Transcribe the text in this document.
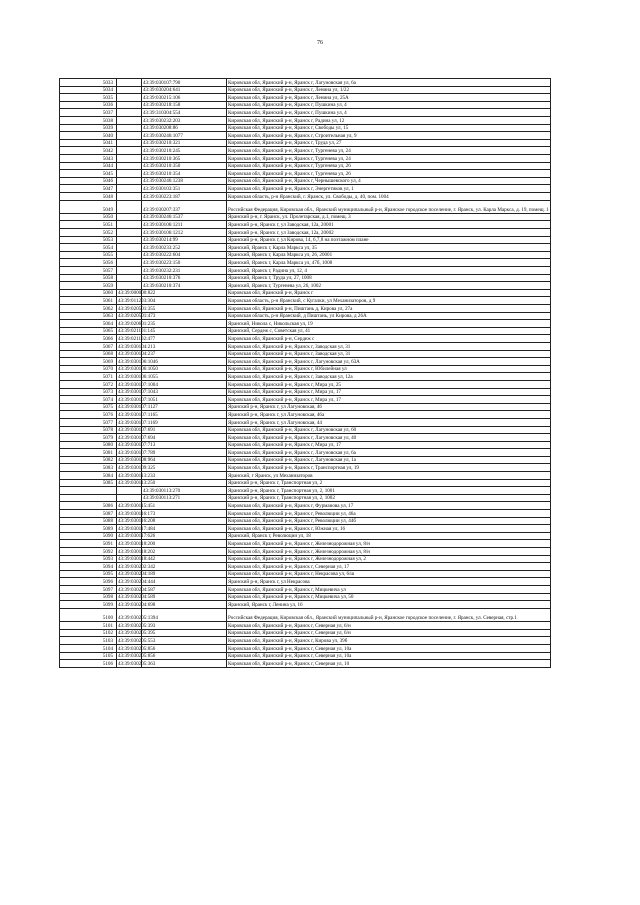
76
5033		43:39:030107:790	Кировская обл, Яранский р-н, Яранск г, Лагуновская ул, 6а
5034		43:39:030204:641	Кировская обл, Яранский р-н, Яранск г, Ленина ул, 1/22
5035		43:39:030215:106	Кировская обл, Яранский р-н, Яранск г, Ленина ул, 25А
5036		43:39:030218:158	Кировская обл, Яранский р-н, Яранск г, Пушкина ул, 4
5037		43:39:310304:554	Кировская обл, Яранский р-н, Яранск г, Пушкина ул, 4
5038		43:39:030232:203	Кировская обл, Яранский р-н, Яранск г, Радина ул, 12
5039		43:39:030208:86	Кировская обл, Яранский р-н, Яранск г, Свободы ул, 15
5040		43:39:030246:1077	Кировская обл, Яранский р-н, Яранск г, Строительная ул, 9
5041		43:39:030210:321	Кировская обл, Яранский р-н, Яранск г, Труда ул, 27
5042		43:39:030210:245	Кировская обл, Яранский р-н, Яранск г, Тургенева ул, 24
5043		43:39:030210:365	Кировская обл, Яранский р-н, Яранск г, Тургенева ул, 24
5044		43:39:030210:350	Кировская обл, Яранский р-н, Яранск г, Тургенева ул, 26
5045		43:39:030210:354	Кировская обл, Яранский р-н, Яранск г, Тургенева ул, 26
5046		43:39:030246:1238	Кировская обл, Яранский р-н, Яранск г, Чернышевского ул, 4
5047		43:39:030103:351	Кировская обл, Яранский р-н, Яранск г, Энергетиков ул, 1
5048		43:39:030223:187	Кировская область, р-н Яранский, г. Яранск, ул. Свободы, д. 40, пом. 1004
5049		43:39:030207:337	Российская Федерация, Кировская обл., Яранский муниципальный р-н, Яранское городское поселение, г. Яранск, ул. Карла Маркса, д. 19, помещ. 1
5050		43:39:030246:1537	Яранский р-н, г. Яранск, ул. Пролетарская, д.1, помещ. 3
5051		43:39:030106:1211	Яранский р-н, Яранск г, ул Заводская, 12а, 20001
5052		43:39:030106:1212	Яранский р-н, Яранск г, ул Заводская, 12а, 20002
5053		43:39:030214:99	Яранский р-н, Яранск г, ул Кирова, 14, 6,7,8 на поэтажном плане
5054		43:39:030233:252	Яранский, Яранск г, Карла Маркса ул, 35
5055		43:39:030222:604	Яранский, Яранск г, Карла Маркса ул, 26, 20001
5056		43:39:030223:150	Яранский, Яранск г, Карла Маркса ул, 47б, 1008
5057		43:39:030232:231	Яранский, Яранск г, Радина ул, 12, 4
5058		43:39:030210:376	Яранский, Яранск г, Труда ул, 27, 1008
5059		43:39:030210:374	Яранский, Яранск г, Тургенева ул, 26, 1002
5060	43:39:000000:822		Кировская обл, Яранский р-н, Яранск г
5061	43:39:011203:304		Кировская область, р-н Яранский, с Кугалки, ул Механизаторов, д 9
5062	43:39:020501:355		Кировская обл, Яранский р-н, Пиштань д, Кирова ул, 27а
5063	43:39:020501:473		Кировская область, р-н Яранский, д Пиштань, ул Кирова, д 26А
5064	43:39:020601:235		Яранский, Никола с, Никольская ул, 19
5065	43:39:021101:145		Яранский, Сердеж с, Советская ул, 41
5066	43:39:021102:477		Кировская обл, Яранский р-н, Сердеж с
5067	43:39:030104:213		Кировская обл, Яранский р-н, Яранск г, Заводская ул, 31
5068	43:39:030104:237		Кировская обл, Яранский р-н, Яранск г, Заводская ул, 31
5069	43:39:030106:1046		Кировская обл, Яранский р-н, Яранск г, Лагуновская ул, 63А
5070	43:39:030106:1050		Кировская обл, Яранский р-н, Яранск г, Юбилейная ул
5071	43:39:030106:1055		Кировская обл, Яранский р-н, Яранск г, Заводская ул, 12а
5072	43:39:030107:1004		Кировская обл, Яранский р-н, Яранск г, Мира ул, 25
5073	43:39:030107:1043		Кировская обл, Яранский р-н, Яранск г, Мира ул, 17
5074	43:39:030107:1051		Кировская обл, Яранский р-н, Яранск г, Мира ул, 17
5075	43:39:030107:1127		Яранский р-н, Яранск г, ул Лагуновская, 46
5076	43:39:030107:1165		Яранский р-н, Яранск г, ул Лагуновская, 46а
5077	43:39:030107:1169		Яранский р-н, Яранск г, ул Лагуновская, 44
5078	43:39:030107:691		Кировская обл, Яранский р-н, Яранск г, Лагуновская ул, 60
5079	43:39:030107:694		Кировская обл, Яранский р-н, Яранск г, Лагуновская ул, 40
5080	43:39:030107:713		Кировская обл, Яранский р-н, Яранск г, Мира ул, 17
5081	43:39:030107:789		Кировская обл, Яранский р-н, Яранск г, Лагуновская ул, 6а
5082	43:39:030108:964		Кировская обл, Яранский р-н, Яранск г, Лагуновская ул, 1а
5083	43:39:030109:325		Кировская обл, Яранский р-н, Яранск г, Транспортная ул, 19
5084	43:39:030113:233		Яранский, г Яранск, ул Механизаторов
5085	43:39:030113:250		Яранский р-н, Яранск г, Транспортная ул, 2
		43:39:030113:270	Яранский р-н, Яранск г, Транспортная ул, 2, 1001
		43:39:030113:271	Яранский р-н, Яранск г, Транспортная ул, 2, 1002
5086	43:39:030115:451		Кировская обл, Яранский р-н, Яранск г, Фурманова ул, 17
5087	43:39:030116:173		Кировская обл, Яранский р-н, Яранск г, Революции ул, 46а
5088	43:39:030116:208		Кировская обл, Яранский р-н, Яранск г, Революции ул, 44б
5089	43:39:030117:484		Кировская обл, Яранский р-н, Яранск г, Южная ул, 16
5090	43:39:030117:626		Яранский, Яранск г, Революции ул, 18
5091	43:39:030118:200		Кировская обл, Яранский р-н, Яранск г, Железнодорожная ул, 8/н
5092	43:39:030118:202		Кировская обл, Яранский р-н, Яранск г, Железнодорожная ул, 8/н
5093	43:39:030118:442		Кировская обл, Яранский р-н, Яранск г, Железнодорожная ул, 2
5094	43:39:030202:342		Кировская обл, Яранский р-н, Яранск г, Северная ул, 17
5095	43:39:030204:189		Кировская обл, Яранский р-н, Яранск г, Некрасова ул, 6/ш
5096	43:39:030204:444		Яранский р-н, Яранск г, ул Некрасова
5097	43:39:030204:587		Кировская обл, Яранский р-н, Яранск г, Мицкевича ул
5098	43:39:030204:589		Кировская обл, Яранский р-н, Яранск г, Мицкевича ул, 50
5099	43:39:030204:698		Яранский, Яранск г, Ленина ул, 16
5100	43:39:030205:1394		Российская Федерация, Кировская обл., Яранский муниципальный р-н, Яранское городское поселение, г. Яранск, ул. Северная, стр.1
5101	43:39:030205:393		Кировская обл, Яранский р-н, Яранск г, Северная ул, 6/н
5102	43:39:030205:395		Кировская обл, Яранский р-н, Яранск г, Северная ул, 6/н
5103	43:39:030205:553		Кировская обл, Яранский р-н, Яранск г, Кирова ул, 39б
5104	43:39:030205:856		Кировская обл, Яранский р-н, Яранск г, Северная ул, 10а
5105	43:39:030205:856		Кировская обл, Яранский р-н, Яранск г, Северная ул, 10а
5106	43:39:030205:363		Кировская обл, Яранский р-н, Яранск г, Северная ул, 10
